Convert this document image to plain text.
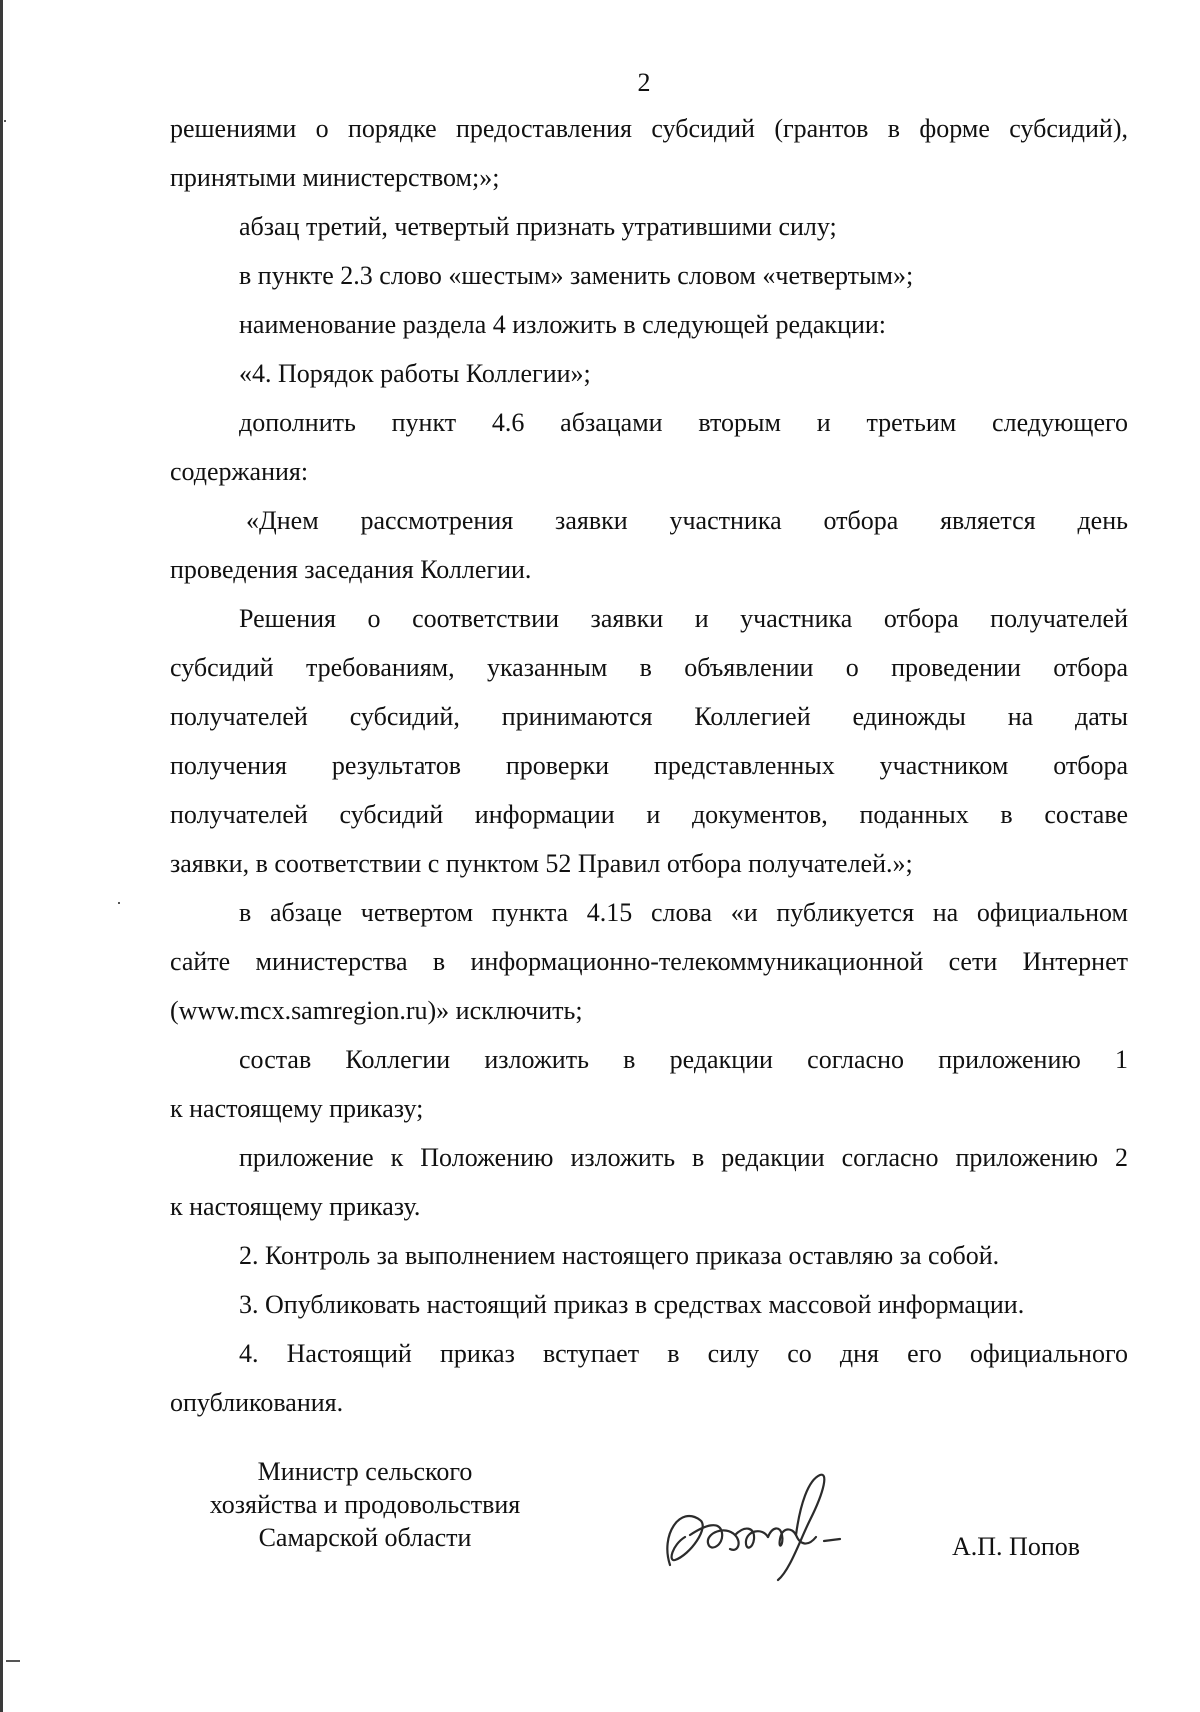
2
решениями о порядке предоставления субсидий (грантов в форме субсидий),
принятыми министерством;»;
абзац третий, четвертый признать утратившими силу;
в пункте 2.3 слово «шестым» заменить словом «четвертым»;
наименование раздела 4 изложить в следующей редакции:
«4. Порядок работы Коллегии»;
дополнить пункт 4.6 абзацами вторым и третьим следующего
содержания:
«Днем рассмотрения заявки участника отбора является день
проведения заседания Коллегии.
Решения о соответствии заявки и участника отбора получателей
субсидий требованиям, указанным в объявлении о проведении отбора
получателей субсидий, принимаются Коллегией единожды на даты
получения результатов проверки представленных участником отбора
получателей субсидий информации и документов, поданных в составе
заявки, в соответствии с пунктом 52 Правил отбора получателей.»;
в абзаце четвертом пункта 4.15 слова «и публикуется на официальном
сайте министерства в информационно-телекоммуникационной сети Интернет
(www.mcx.samregion.ru)» исключить;
состав Коллегии изложить в редакции согласно приложению 1
к настоящему приказу;
приложение к Положению изложить в редакции согласно приложению 2
к настоящему приказу.
2. Контроль за выполнением настоящего приказа оставляю за собой.
3. Опубликовать настоящий приказ в средствах массовой информации.
4. Настоящий приказ вступает в силу со дня его официального
опубликования.
Министр сельского
хозяйства и продовольствия
Самарской области	А.П. Попов
